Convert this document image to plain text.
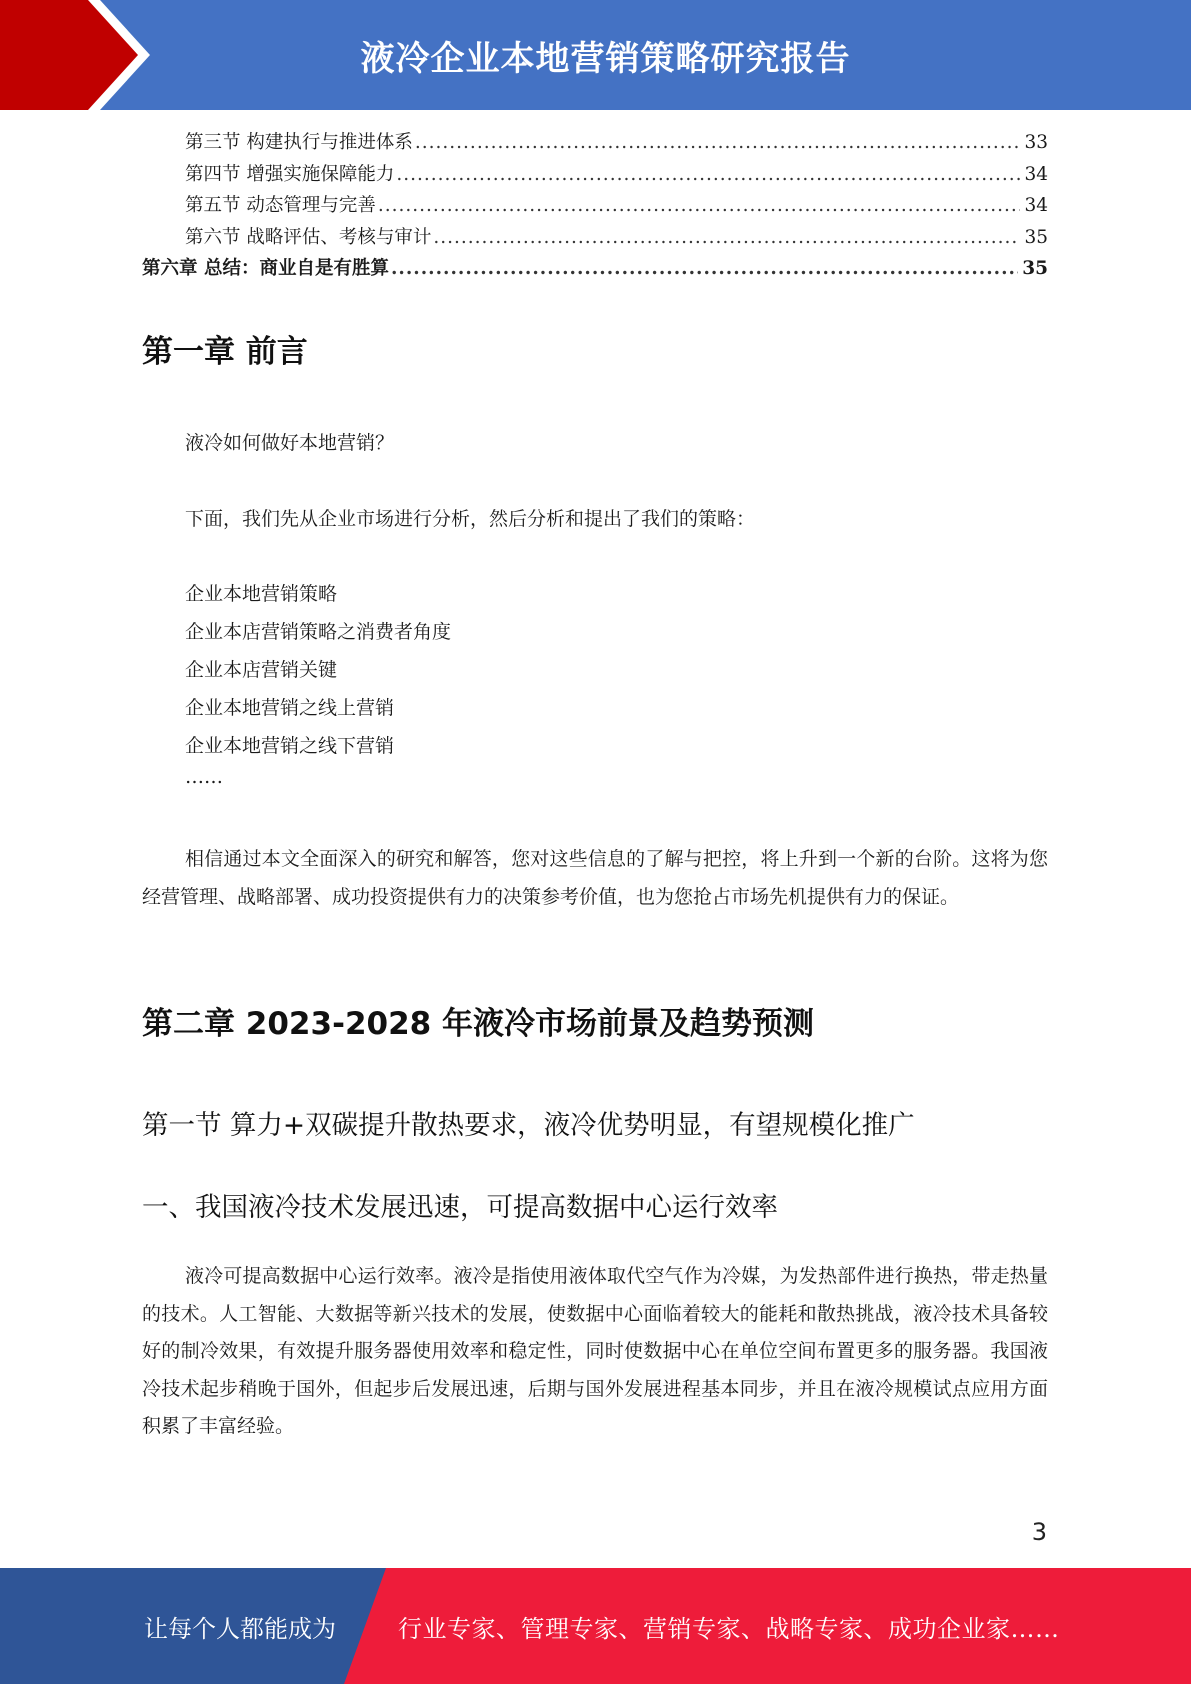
液冷企业本地营销策略研究报告
第三节 构建执行与推进体系 .....	33
第四节 增强实施保障能力 .....	34
第五节 动态管理与完善 .....	34
第六节 战略评估、考核与审计 .....	35
第六章 总结：商业自是有胜算 .....	35
第一章 前言
液冷如何做好本地营销？
下面，我们先从企业市场进行分析，然后分析和提出了我们的策略：
企业本地营销策略
企业本店营销策略之消费者角度
企业本店营销关键
企业本地营销之线上营销
企业本地营销之线下营销
……
相信通过本文全面深入的研究和解答，您对这些信息的了解与把控，将上升到一个新的台阶。这将为您经营管理、战略部署、成功投资提供有力的决策参考价值，也为您抢占市场先机提供有力的保证。
第二章 2023-2028 年液冷市场前景及趋势预测
第一节 算力+双碳提升散热要求，液冷优势明显，有望规模化推广
一、我国液冷技术发展迅速，可提高数据中心运行效率
液冷可提高数据中心运行效率。液冷是指使用液体取代空气作为冷媒，为发热部件进行换热，带走热量的技术。人工智能、大数据等新兴技术的发展，使数据中心面临着较大的能耗和散热挑战，液冷技术具备较好的制冷效果，有效提升服务器使用效率和稳定性，同时使数据中心在单位空间布置更多的服务器。我国液冷技术起步稍晚于国外，但起步后发展迅速，后期与国外发展进程基本同步，并且在液冷规模试点应用方面积累了丰富经验。
3
让每个人都能成为	行业专家、管理专家、营销专家、战略专家、成功企业家……
